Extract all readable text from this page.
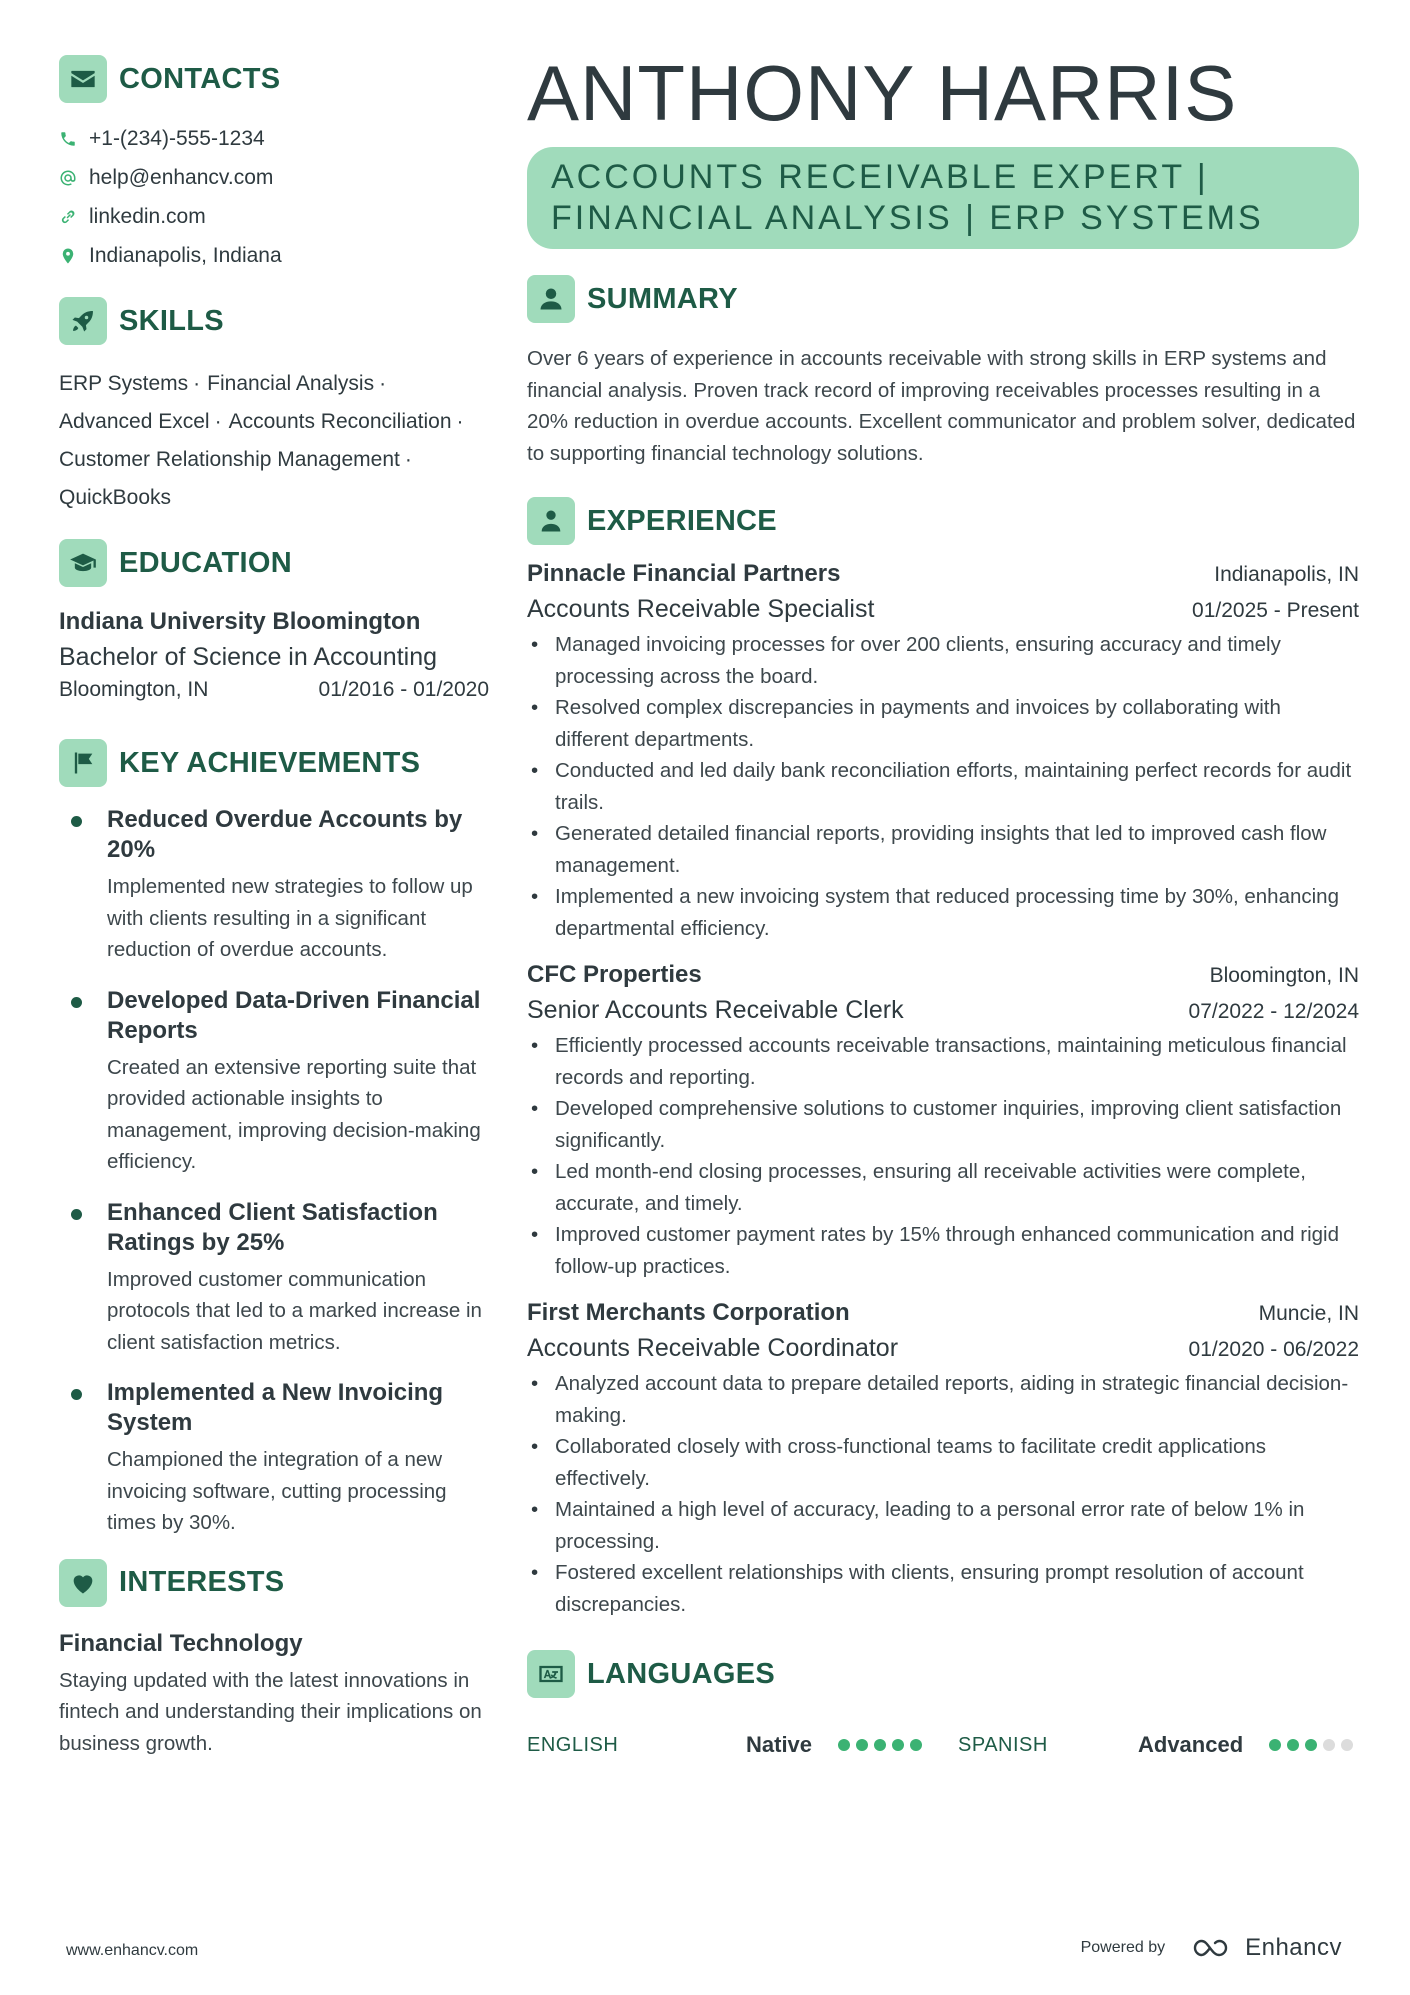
CONTACTS
+1-(234)-555-1234
help@enhancv.com
linkedin.com
Indianapolis, Indiana
SKILLS
ERP Systems · Financial Analysis ·
Advanced Excel · Accounts Reconciliation ·
Customer Relationship Management ·
QuickBooks
EDUCATION
Indiana University Bloomington
Bachelor of Science in Accounting
Bloomington, IN	01/2016 - 01/2020
KEY ACHIEVEMENTS
Reduced Overdue Accounts by 20%
Implemented new strategies to follow up with clients resulting in a significant reduction of overdue accounts.
Developed Data-Driven Financial Reports
Created an extensive reporting suite that provided actionable insights to management, improving decision-making efficiency.
Enhanced Client Satisfaction Ratings by 25%
Improved customer communication protocols that led to a marked increase in client satisfaction metrics.
Implemented a New Invoicing System
Championed the integration of a new invoicing software, cutting processing times by 30%.
INTERESTS
Financial Technology
Staying updated with the latest innovations in fintech and understanding their implications on business growth.
ANTHONY HARRIS
ACCOUNTS RECEIVABLE EXPERT | FINANCIAL ANALYSIS | ERP SYSTEMS
SUMMARY
Over 6 years of experience in accounts receivable with strong skills in ERP systems and financial analysis. Proven track record of improving receivables processes resulting in a 20% reduction in overdue accounts. Excellent communicator and problem solver, dedicated to supporting financial technology solutions.
EXPERIENCE
Pinnacle Financial Partners	Indianapolis, IN
Accounts Receivable Specialist	01/2025 - Present
• Managed invoicing processes for over 200 clients, ensuring accuracy and timely processing across the board.
• Resolved complex discrepancies in payments and invoices by collaborating with different departments.
• Conducted and led daily bank reconciliation efforts, maintaining perfect records for audit trails.
• Generated detailed financial reports, providing insights that led to improved cash flow management.
• Implemented a new invoicing system that reduced processing time by 30%, enhancing departmental efficiency.
CFC Properties	Bloomington, IN
Senior Accounts Receivable Clerk	07/2022 - 12/2024
• Efficiently processed accounts receivable transactions, maintaining meticulous financial records and reporting.
• Developed comprehensive solutions to customer inquiries, improving client satisfaction significantly.
• Led month-end closing processes, ensuring all receivable activities were complete, accurate, and timely.
• Improved customer payment rates by 15% through enhanced communication and rigid follow-up practices.
First Merchants Corporation	Muncie, IN
Accounts Receivable Coordinator	01/2020 - 06/2022
• Analyzed account data to prepare detailed reports, aiding in strategic financial decision-making.
• Collaborated closely with cross-functional teams to facilitate credit applications effectively.
• Maintained a high level of accuracy, leading to a personal error rate of below 1% in processing.
• Fostered excellent relationships with clients, ensuring prompt resolution of account discrepancies.
LANGUAGES
ENGLISH	Native	SPANISH	Advanced
www.enhancv.com	Powered by	Enhancv
